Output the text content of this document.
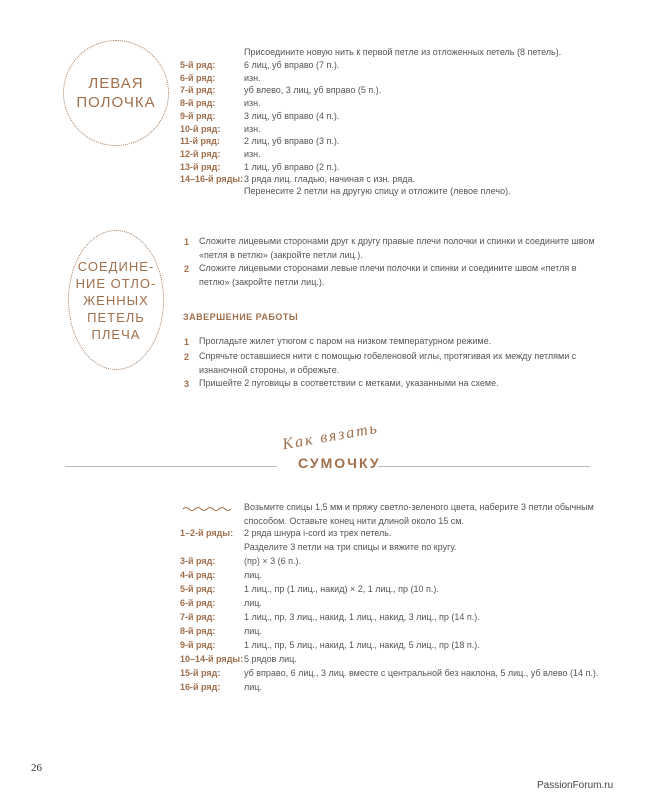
ЛЕВАЯ
ПОЛОЧКА
Присоедините новую нить к первой петле из отложенных петель (8 петель).
5-й ряд:	6 лиц, уб вправо (7 п.).
6-й ряд:	изн.
7-й ряд:	уб влево, 3 лиц, уб вправо (5 п.).
8-й ряд:	изн.
9-й ряд:	3 лиц, уб вправо (4 п.).
10-й ряд:	изн.
11-й ряд:	2 лиц, уб вправо (3 п.).
12-й ряд:	изн.
13-й ряд:	1 лиц, уб вправо (2 п.).
14–16-й ряды: 3 ряда лиц. гладью, начиная с изн. ряда.
Перенесите 2 петли на другую спицу и отложите (левое плечо).
СОЕДИНЕ-
НИЕ ОТЛО-
ЖЕННЫХ
ПЕТЕЛЬ
ПЛЕЧА
1 Сложите лицевыми сторонами друг к другу правые плечи полочки и спинки и соедините швом «петля в петлю» (закройте петли лиц.).
2 Сложите лицевыми сторонами левые плечи полочки и спинки и соедините швом «петля в петлю» (закройте петли лиц.).
ЗАВЕРШЕНИЕ РАБОТЫ
1 Прогладьте жилет утюгом с паром на низком температурном режиме.
2 Спрячьте оставшиеся нити с помощью гобеленовой иглы, протягивая их между петлями с изнаночной стороны, и обрежьте.
3 Пришейте 2 пуговицы в соответствии с метками, указанными на схеме.
Как вязать
СУМОЧКУ
Возьмите спицы 1,5 мм и пряжу светло-зеленого цвета, наберите 3 петли обычным способом. Оставьте конец нити длиной около 15 см.
1–2-й ряды:	2 ряда шнура i-cord из трех петель.
Разделите 3 петли на три спицы и вяжите по кругу.
3-й ряд:	(пр) × 3 (6 п.).
4-й ряд:	лиц.
5-й ряд:	1 лиц., пр (1 лиц., накид) × 2, 1 лиц., пр (10 п.).
6-й ряд:	лиц.
7-й ряд:	1 лиц., пр, 3 лиц., накид, 1 лиц., накид, 3 лиц., пр (14 п.).
8-й ряд:	лиц.
9-й ряд:	1 лиц., пр, 5 лиц., накид, 1 лиц., накид, 5 лиц., пр (18 п.).
10–14-й ряды: 5 рядов лиц.
15-й ряд:	уб вправо, 6 лиц., 3 лиц. вместе с центральной без наклона, 5 лиц., уб влево (14 п.).
16-й ряд:	лиц.
26
PassionForum.ru
